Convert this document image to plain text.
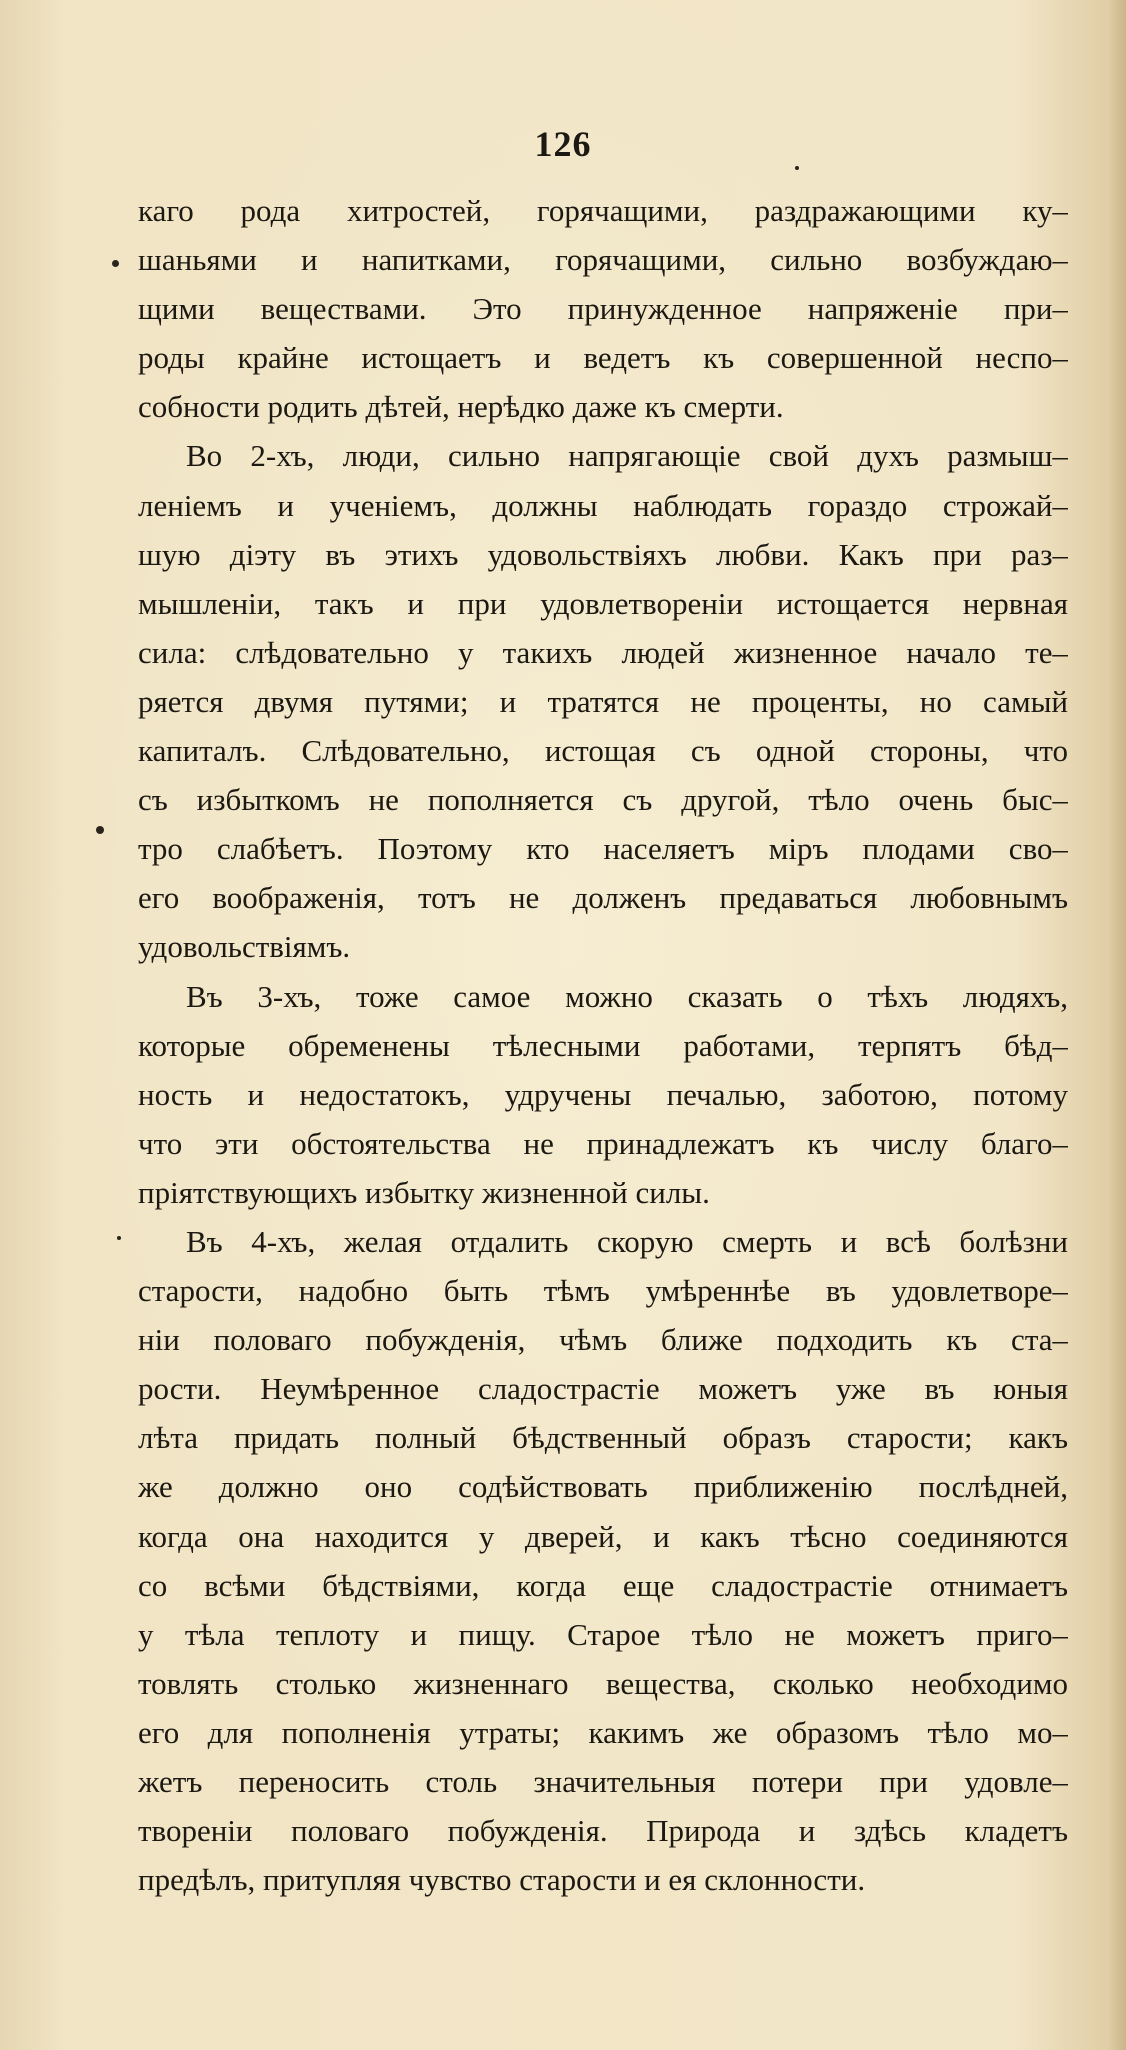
126
каго рода хитростей, горячащими, раздражающими ку–
шаньями и напитками, горячащими, сильно возбуждаю–
щими веществами. Это принужденное напряженіе при–
роды крайне истощаетъ и ведетъ къ совершенной неспо–
собности родить дѣтей, нерѣдко даже къ смерти.
Во 2-хъ, люди, сильно напрягающіе свой духъ размыш–
леніемъ и ученіемъ, должны наблюдать гораздо строжай–
шую діэту въ этихъ удовольствіяхъ любви. Какъ при раз–
мышленіи, такъ и при удовлетвореніи истощается нервная
сила: слѣдовательно у такихъ людей жизненное начало те–
ряется двумя путями; и тратятся не проценты, но самый
капиталъ. Слѣдовательно, истощая съ одной стороны, что
съ избыткомъ не пополняется съ другой, тѣло очень быс–
тро слабѣетъ. Поэтому кто населяетъ міръ плодами сво–
его воображенія, тотъ не долженъ предаваться любовнымъ
удовольствіямъ.
Въ 3-хъ, тоже самое можно сказать о тѣхъ людяхъ,
которые обременены тѣлесными работами, терпятъ бѣд–
ность и недостатокъ, удручены печалью, заботою, потому
что эти обстоятельства не принадлежатъ къ числу благо–
пріятствующихъ избытку жизненной силы.
Въ 4-хъ, желая отдалить скорую смерть и всѣ болѣзни
старости, надобно быть тѣмъ умѣреннѣе въ удовлетворе–
ніи половаго побужденія, чѣмъ ближе подходить къ ста–
рости. Неумѣренное сладострастіе можетъ уже въ юныя
лѣта придать полный бѣдственный образъ старости; какъ
же должно оно содѣйствовать приближенію послѣдней,
когда она находится у дверей, и какъ тѣсно соединяются
со всѣми бѣдствіями, когда еще сладострастіе отнимаетъ
у тѣла теплоту и пищу. Старое тѣло не можетъ приго–
товлять столько жизненнаго вещества, сколько необходимо
его для пополненія утраты; какимъ же образомъ тѣло мо–
жетъ переносить столь значительныя потери при удовле–
твореніи половаго побужденія. Природа и здѣсь кладетъ
предѣлъ, притупляя чувство старости и ея склонности.
